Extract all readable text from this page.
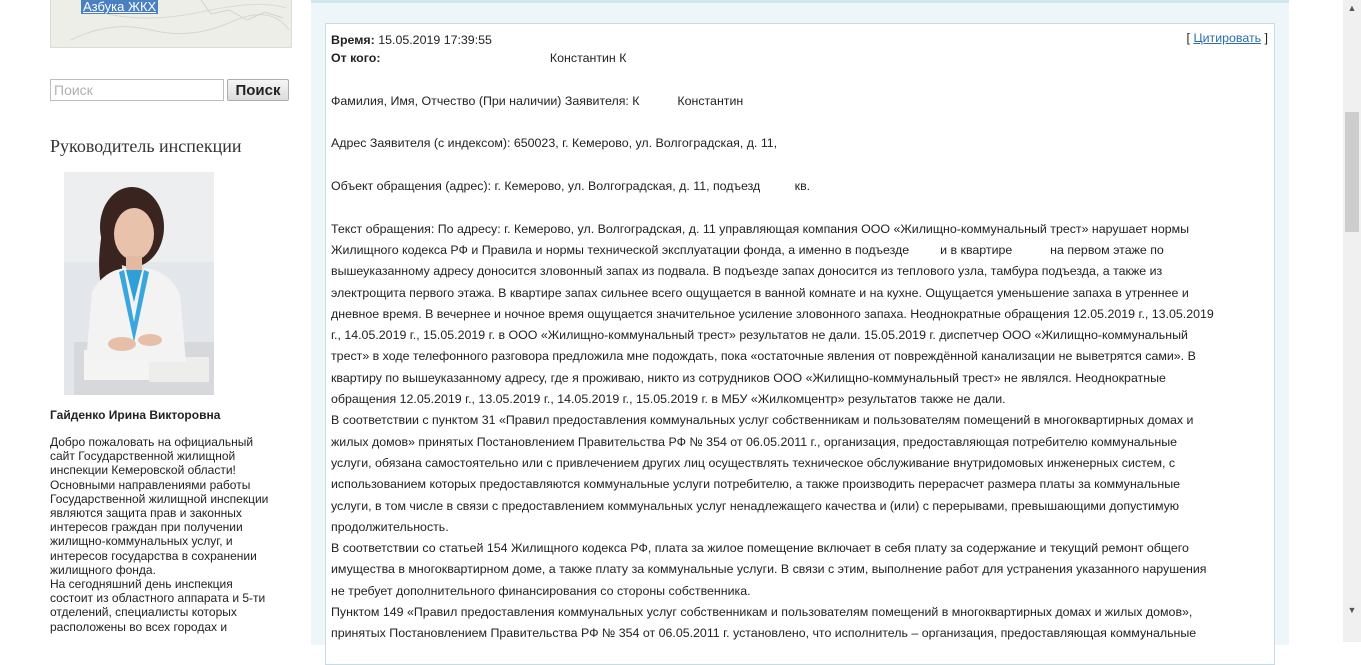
Азбука ЖКХ
Поиск
Поиск
Руководитель инспекции
Гайденко Ирина Викторовна

Добро пожаловать на официальный

сайт Государственной жилищной

инспекции Кемеровской области!

Основными направлениями работы

Государственной жилищной инспекции

являются защита прав и законных

интересов граждан при получении

жилищно-коммунальных услуг, и

интересов государства в сохранении

жилищного фонда.

На сегодняшний день инспекция

состоит из областного аппарата и 5-ти

отделений, специалисты которых

расположены во всех городах и

[ Цитировать ]

Время: 15.05.2019 17:39:55

От кого:	Константин К

Фамилия, Имя, Отчество (При наличии) Заявителя: К           Константин

Адрес Заявителя (с индексом): 650023, г. Кемерово, ул. Волгоградская, д. 11,

Объект обращения (адрес): г. Кемерово, ул. Волгоградская, д. 11, подъезд          кв.

Текст обращения: По адресу: г. Кемерово, ул. Волгоградская, д. 11 управляющая компания ООО «Жилищно-коммунальный трест» нарушает нормы

Жилищного кодекса РФ и Правила и нормы технической эксплуатации фонда, а именно в подъезде         и в квартире           на первом этаже по

вышеуказанному адресу доносится зловонный запах из подвала. В подъезде запах доносится из теплового узла, тамбура подъезда, а также из

электрощита первого этажа. В квартире запах сильнее всего ощущается в ванной комнате и на кухне. Ощущается уменьшение запаха в утреннее и

дневное время. В вечернее и ночное время ощущается значительное усиление зловонного запаха. Неоднократные обращения 12.05.2019 г., 13.05.2019

г., 14.05.2019 г., 15.05.2019 г. в ООО «Жилищно-коммунальный трест» результатов не дали. 15.05.2019 г. диспетчер ООО «Жилищно-коммунальный

трест» в ходе телефонного разговора предложила мне подождать, пока «остаточные явления от повреждённой канализации не выветрятся сами». В

квартиру по вышеуказанному адресу, где я проживаю, никто из сотрудников ООО «Жилищно-коммунальный трест» не являлся. Неоднократные

обращения 12.05.2019 г., 13.05.2019 г., 14.05.2019 г., 15.05.2019 г. в МБУ «Жилкомцентр» результатов также не дали.

В соответствии с пунктом 31 «Правил предоставления коммунальных услуг собственникам и пользователям помещений в многоквартирных домах и

жилых домов» принятых Постановлением Правительства РФ № 354 от 06.05.2011 г., организация, предоставляющая потребителю коммунальные

услуги, обязана самостоятельно или с привлечением других лиц осуществлять техническое обслуживание внутридомовых инженерных систем, с

использованием которых предоставляются коммунальные услуги потребителю, а также производить перерасчет размера платы за коммунальные

услуги, в том числе в связи с предоставлением коммунальных услуг ненадлежащего качества и (или) с перерывами, превышающими допустимую

продолжительность.

В соответствии со статьей 154 Жилищного кодекса РФ, плата за жилое помещение включает в себя плату за содержание и текущий ремонт общего

имущества в многоквартирном доме, а также плату за коммунальные услуги. В связи с этим, выполнение работ для устранения указанного нарушения

не требует дополнительного финансирования со стороны собственника.

Пунктом 149 «Правил предоставления коммунальных услуг собственникам и пользователям помещений в многоквартирных домах и жилых домов»,

принятых Постановлением Правительства РФ № 354 от 06.05.2011 г. установлено, что исполнитель – организация, предоставляющая коммунальные

▲
▼
